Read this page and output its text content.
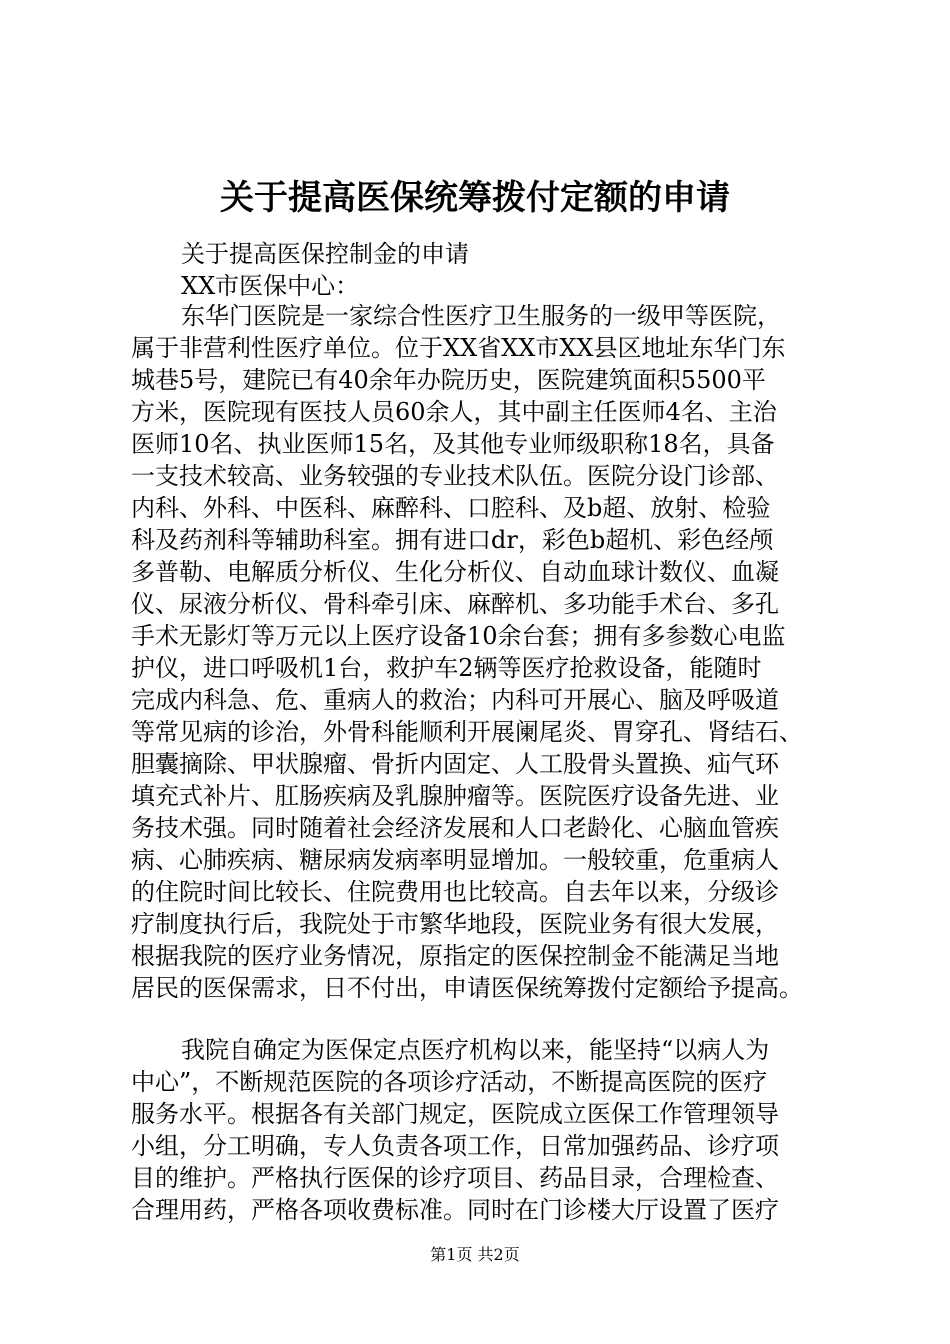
关于提高医保统筹拨付定额的申请
关于提高医保控制金的申请
XX市医保中心：
东华门医院是一家综合性医疗卫生服务的一级甲等医院，
属于非营利性医疗单位。位于XX省XX市XX县区地址东华门东
城巷5号，建院已有40余年办院历史，医院建筑面积5500平
方米，医院现有医技人员60余人，其中副主任医师4名、主治
医师10名、执业医师15名，及其他专业师级职称18名，具备
一支技术较高、业务较强的专业技术队伍。医院分设门诊部、
内科、外科、中医科、麻醉科、口腔科、及b超、放射、检验
科及药剂科等辅助科室。拥有进口dr，彩色b超机、彩色经颅
多普勒、电解质分析仪、生化分析仪、自动血球计数仪、血凝
仪、尿液分析仪、骨科牵引床、麻醉机、多功能手术台、多孔
手术无影灯等万元以上医疗设备10余台套；拥有多参数心电监
护仪，进口呼吸机1台，救护车2辆等医疗抢救设备，能随时
完成内科急、危、重病人的救治；内科可开展心、脑及呼吸道
等常见病的诊治，外骨科能顺利开展阑尾炎、胃穿孔、肾结石、
胆囊摘除、甲状腺瘤、骨折内固定、人工股骨头置换、疝气环
填充式补片、肛肠疾病及乳腺肿瘤等。医院医疗设备先进、业
务技术强。同时随着社会经济发展和人口老龄化、心脑血管疾
病、心肺疾病、糖尿病发病率明显增加。一般较重，危重病人
的住院时间比较长、住院费用也比较高。自去年以来，分级诊
疗制度执行后，我院处于市繁华地段，医院业务有很大发展，
根据我院的医疗业务情况，原指定的医保控制金不能满足当地
居民的医保需求，日不付出，申请医保统筹拨付定额给予提高。
我院自确定为医保定点医疗机构以来，能坚持“以病人为
中心”，不断规范医院的各项诊疗活动，不断提高医院的医疗
服务水平。根据各有关部门规定，医院成立医保工作管理领导
小组，分工明确，专人负责各项工作，日常加强药品、诊疗项
目的维护。严格执行医保的诊疗项目、药品目录，合理检查、
合理用药，严格各项收费标准。同时在门诊楼大厅设置了医疗
第1页 共2页
